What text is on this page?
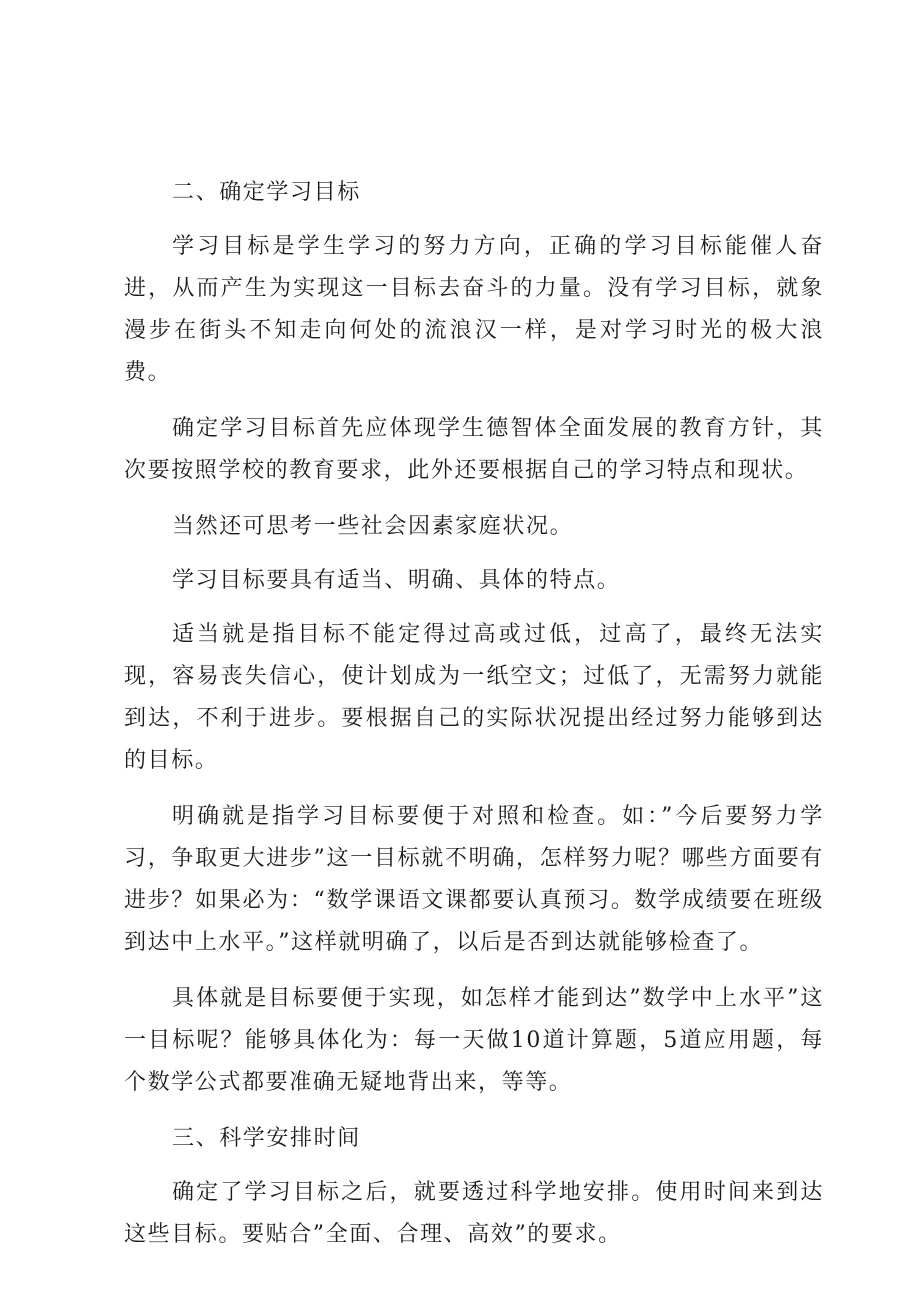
二、确定学习目标

学习目标是学生学习的努力方向，正确的学习目标能催人奋进，从而产生为实现这一目标去奋斗的力量。没有学习目标，就象漫步在街头不知走向何处的流浪汉一样，是对学习时光的极大浪费。

确定学习目标首先应体现学生德智体全面发展的教育方针，其次要按照学校的教育要求，此外还要根据自己的学习特点和现状。

当然还可思考一些社会因素家庭状况。

学习目标要具有适当、明确、具体的特点。

适当就是指目标不能定得过高或过低，过高了，最终无法实现，容易丧失信心，使计划成为一纸空文；过低了，无需努力就能到达，不利于进步。要根据自己的实际状况提出经过努力能够到达的目标。

明确就是指学习目标要便于对照和检查。如：”今后要努力学习，争取更大进步”这一目标就不明确，怎样努力呢？哪些方面要有进步？如果必为：“数学课语文课都要认真预习。数学成绩要在班级到达中上水平。”这样就明确了，以后是否到达就能够检查了。

具体就是目标要便于实现，如怎样才能到达”数学中上水平”这一目标呢？能够具体化为：每一天做10道计算题，5道应用题，每个数学公式都要准确无疑地背出来，等等。

三、科学安排时间

确定了学习目标之后，就要透过科学地安排。使用时间来到达这些目标。要贴合”全面、合理、高效”的要求。
